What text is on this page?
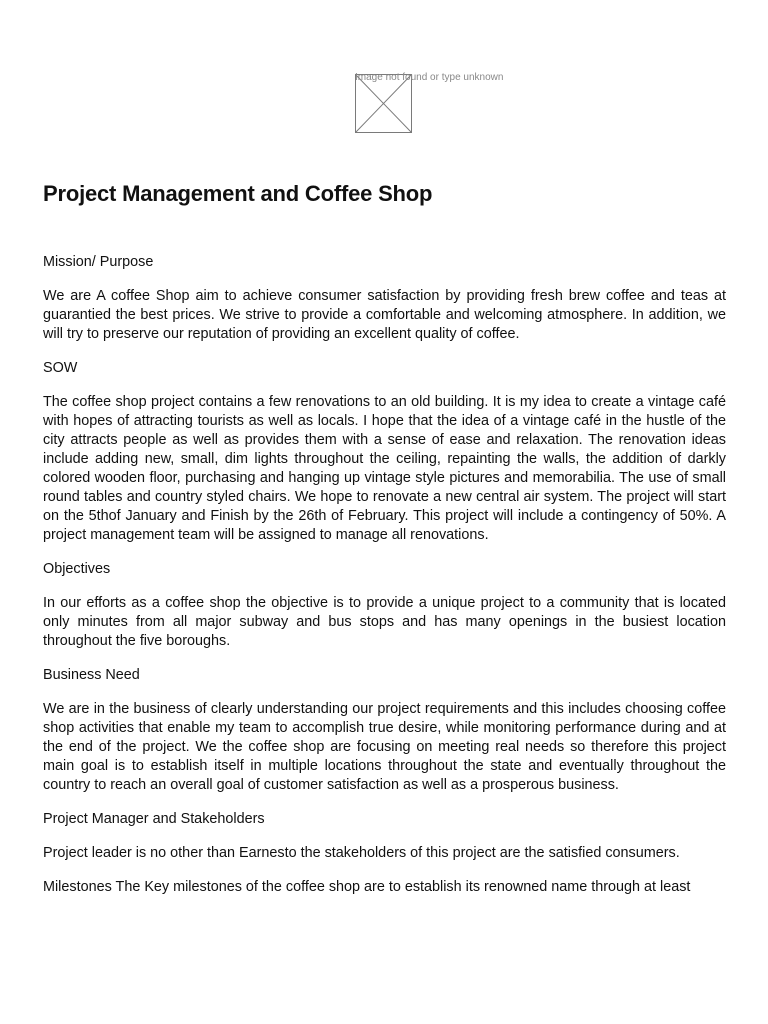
Image not found or type unknown
Project Management and Coffee Shop

Mission/ Purpose

We are A coffee Shop aim to achieve consumer satisfaction by providing fresh brew coffee and teas at guarantied the best prices. We strive to provide a comfortable and welcoming atmosphere. In addition, we will try to preserve our reputation of providing an excellent quality of coffee.

SOW

The coffee shop project contains a few renovations to an old building. It is my idea to create a vintage café with hopes of attracting tourists as well as locals. I hope that the idea of a vintage café in the hustle of the city attracts people as well as provides them with a sense of ease and relaxation. The renovation ideas include adding new, small, dim lights throughout the ceiling, repainting the walls, the addition of darkly colored wooden floor, purchasing and hanging up vintage style pictures and memorabilia. The use of small round tables and country styled chairs. We hope to renovate a new central air system. The project will start on the 5thof January and Finish by the 26th of February. This project will include a contingency of 50%. A project management team will be assigned to manage all renovations.

Objectives

In our efforts as a coffee shop the objective is to provide a unique project to a community that is located only minutes from all major subway and bus stops and has many openings in the busiest location throughout the five boroughs.

Business Need

We are in the business of clearly understanding our project requirements and this includes choosing coffee shop activities that enable my team to accomplish true desire, while monitoring performance during and at the end of the project. We the coffee shop are focusing on meeting real needs so therefore this project main goal is to establish itself in multiple locations throughout the state and eventually throughout the country to reach an overall goal of customer satisfaction as well as a prosperous business.

Project Manager and Stakeholders

Project leader is no other than Earnesto the stakeholders of this project are the satisfied consumers.

Milestones The Key milestones of the coffee shop are to establish its renowned name through at least
